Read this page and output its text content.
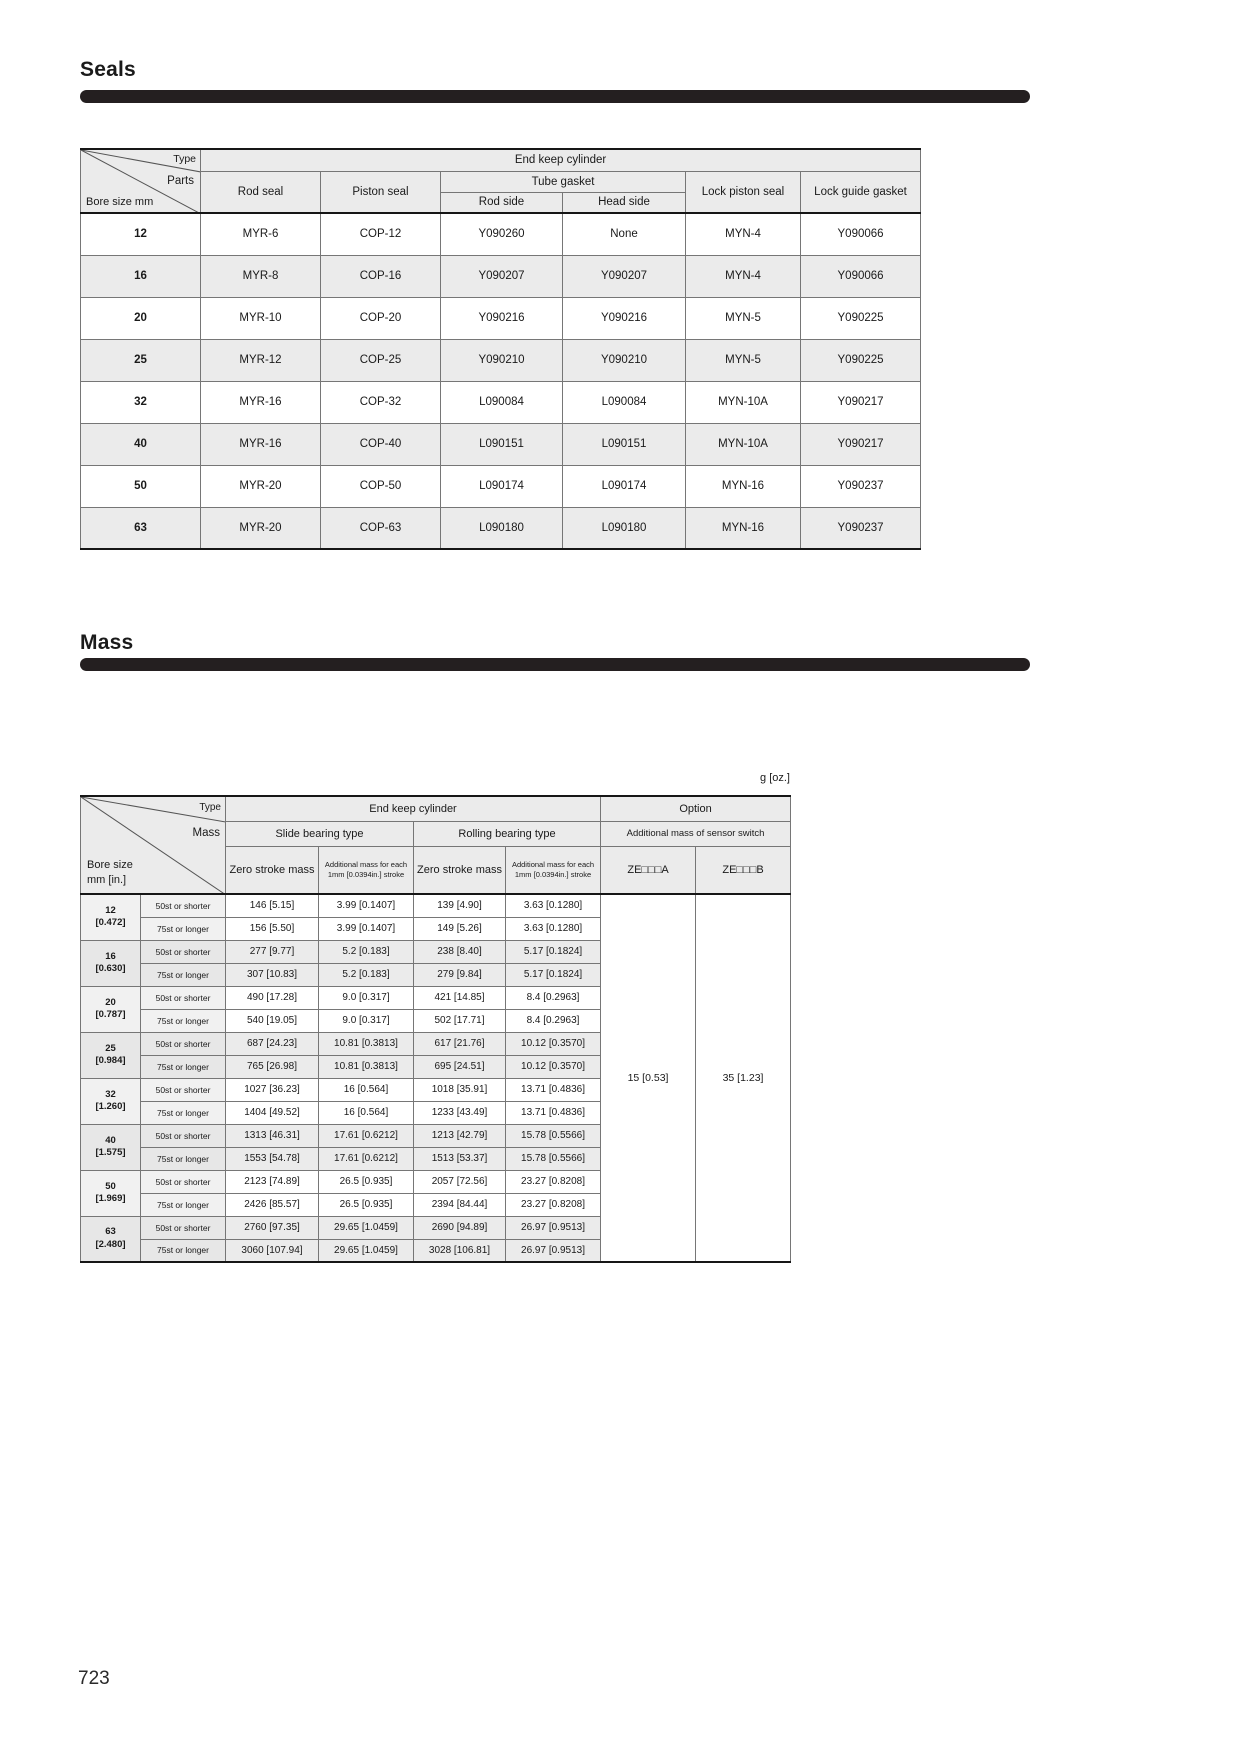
Seals
Type
Parts
Bore size mm	End keep cylinder					
	Rod seal	Piston seal	Tube gasket		Lock piston seal	Lock guide gasket
			Rod side	Head side		
12	MYR-6	COP-12	Y090260	None	MYN-4	Y090066
16	MYR-8	COP-16	Y090207	Y090207	MYN-4	Y090066
20	MYR-10	COP-20	Y090216	Y090216	MYN-5	Y090225
25	MYR-12	COP-25	Y090210	Y090210	MYN-5	Y090225
32	MYR-16	COP-32	L090084	L090084	MYN-10A	Y090217
40	MYR-16	COP-40	L090151	L090151	MYN-10A	Y090217
50	MYR-20	COP-50	L090174	L090174	MYN-16	Y090237
63	MYR-20	COP-63	L090180	L090180	MYN-16	Y090237
Mass
g [oz.]
Type
Mass
Bore size
mm [in.]		End keep cylinder				Option	
		Slide bearing type		Rolling bearing type		Additional mass of sensor switch	
		Zero stroke mass	Additional mass for each 1mm [0.0394in.] stroke	Zero stroke mass	Additional mass for each 1mm [0.0394in.] stroke	ZE□□□A	ZE□□□B

12
[0.472]	50st or shorter	146 [5.15]	3.99 [0.1407]	139 [4.90]	3.63 [0.1280]	15 [0.53]	35 [1.23]
	75st or longer	156 [5.50]	3.99 [0.1407]	149 [5.26]	3.63 [0.1280]		

16
[0.630]	50st or shorter	277 [9.77]	5.2 [0.183]	238 [8.40]	5.17 [0.1824]		
	75st or longer	307 [10.83]	5.2 [0.183]	279 [9.84]	5.17 [0.1824]		

20
[0.787]	50st or shorter	490 [17.28]	9.0 [0.317]	421 [14.85]	8.4 [0.2963]		
	75st or longer	540 [19.05]	9.0 [0.317]	502 [17.71]	8.4 [0.2963]		

25
[0.984]	50st or shorter	687 [24.23]	10.81 [0.3813]	617 [21.76]	10.12 [0.3570]		
	75st or longer	765 [26.98]	10.81 [0.3813]	695 [24.51]	10.12 [0.3570]		

32
[1.260]	50st or shorter	1027 [36.23]	16 [0.564]	1018 [35.91]	13.71 [0.4836]		
	75st or longer	1404 [49.52]	16 [0.564]	1233 [43.49]	13.71 [0.4836]		

40
[1.575]	50st or shorter	1313 [46.31]	17.61 [0.6212]	1213 [42.79]	15.78 [0.5566]		
	75st or longer	1553 [54.78]	17.61 [0.6212]	1513 [53.37]	15.78 [0.5566]		

50
[1.969]	50st or shorter	2123 [74.89]	26.5 [0.935]	2057 [72.56]	23.27 [0.8208]		
	75st or longer	2426 [85.57]	26.5 [0.935]	2394 [84.44]	23.27 [0.8208]		

63
[2.480]	50st or shorter	2760 [97.35]	29.65 [1.0459]	2690 [94.89]	26.97 [0.9513]		
	75st or longer	3060 [107.94]	29.65 [1.0459]	3028 [106.81]	26.97 [0.9513]		
723
